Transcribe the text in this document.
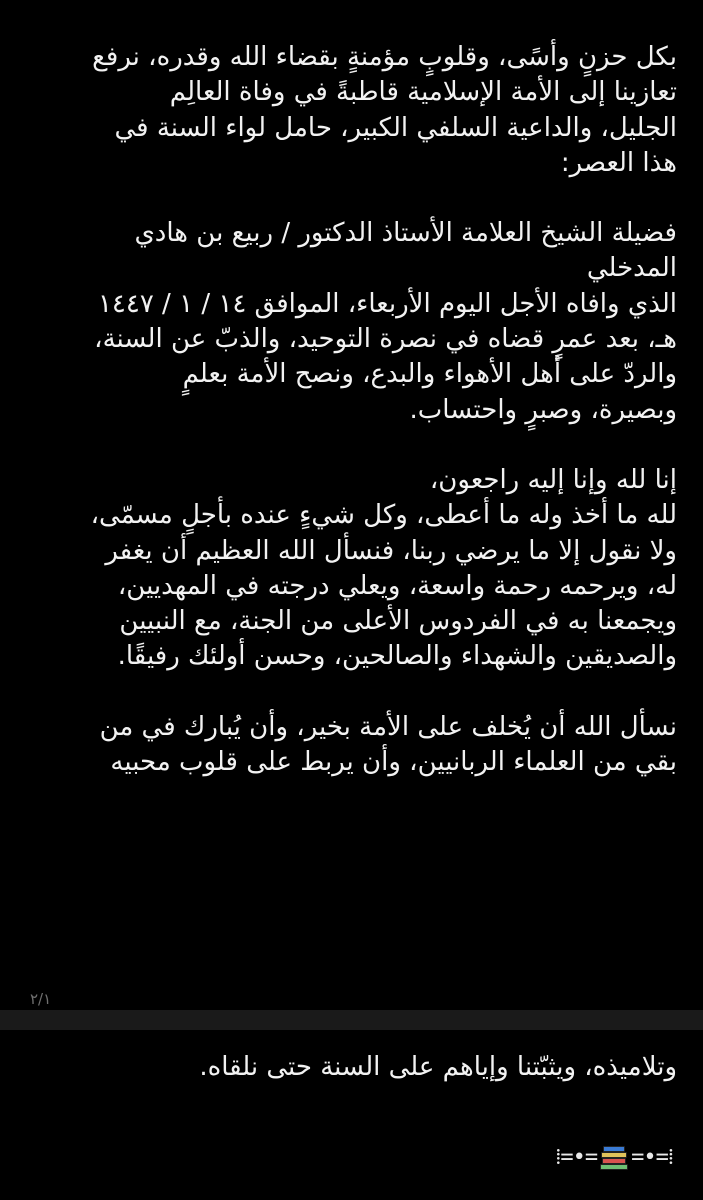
بكل حزنٍ وأسًى، وقلوبٍ مؤمنةٍ بقضاء الله وقدره، نرفع

تعازينا إلى الأمة الإسلامية قاطبةً في وفاة العالِم

الجليل، والداعية السلفي الكبير، حامل لواء السنة في

هذا العصر:

فضيلة الشيخ العلامة الأستاذ الدكتور / ربيع بن هادي

المدخلي

الذي وافاه الأجل اليوم الأربعاء، الموافق ١٤ / ١ / ١٤٤٧

هـ، بعد عمرٍ قضاه في نصرة التوحيد، والذبّ عن السنة،

والردّ على أهل الأهواء والبدع، ونصح الأمة بعلمٍ

وبصيرة، وصبرٍ واحتساب.

إنا لله وإنا إليه راجعون،

لله ما أخذ وله ما أعطى، وكل شيءٍ عنده بأجلٍ مسمّى،

ولا نقول إلا ما يرضي ربنا، فنسأل الله العظيم أن يغفر

له، ويرحمه رحمة واسعة، ويعلي درجته في المهديين،

ويجمعنا به في الفردوس الأعلى من الجنة، مع النبيين

والصديقين والشهداء والصالحين، وحسن أولئك رفيقًا.

نسأل الله أن يُخلف على الأمة بخير، وأن يُبارك في من

بقي من العلماء الربانيين، وأن يربط على قلوب محبيه

٢/١
وتلاميذه، ويثبّتنا وإياهم على السنة حتى نلقاه.
⁞=•= =•=⁞
